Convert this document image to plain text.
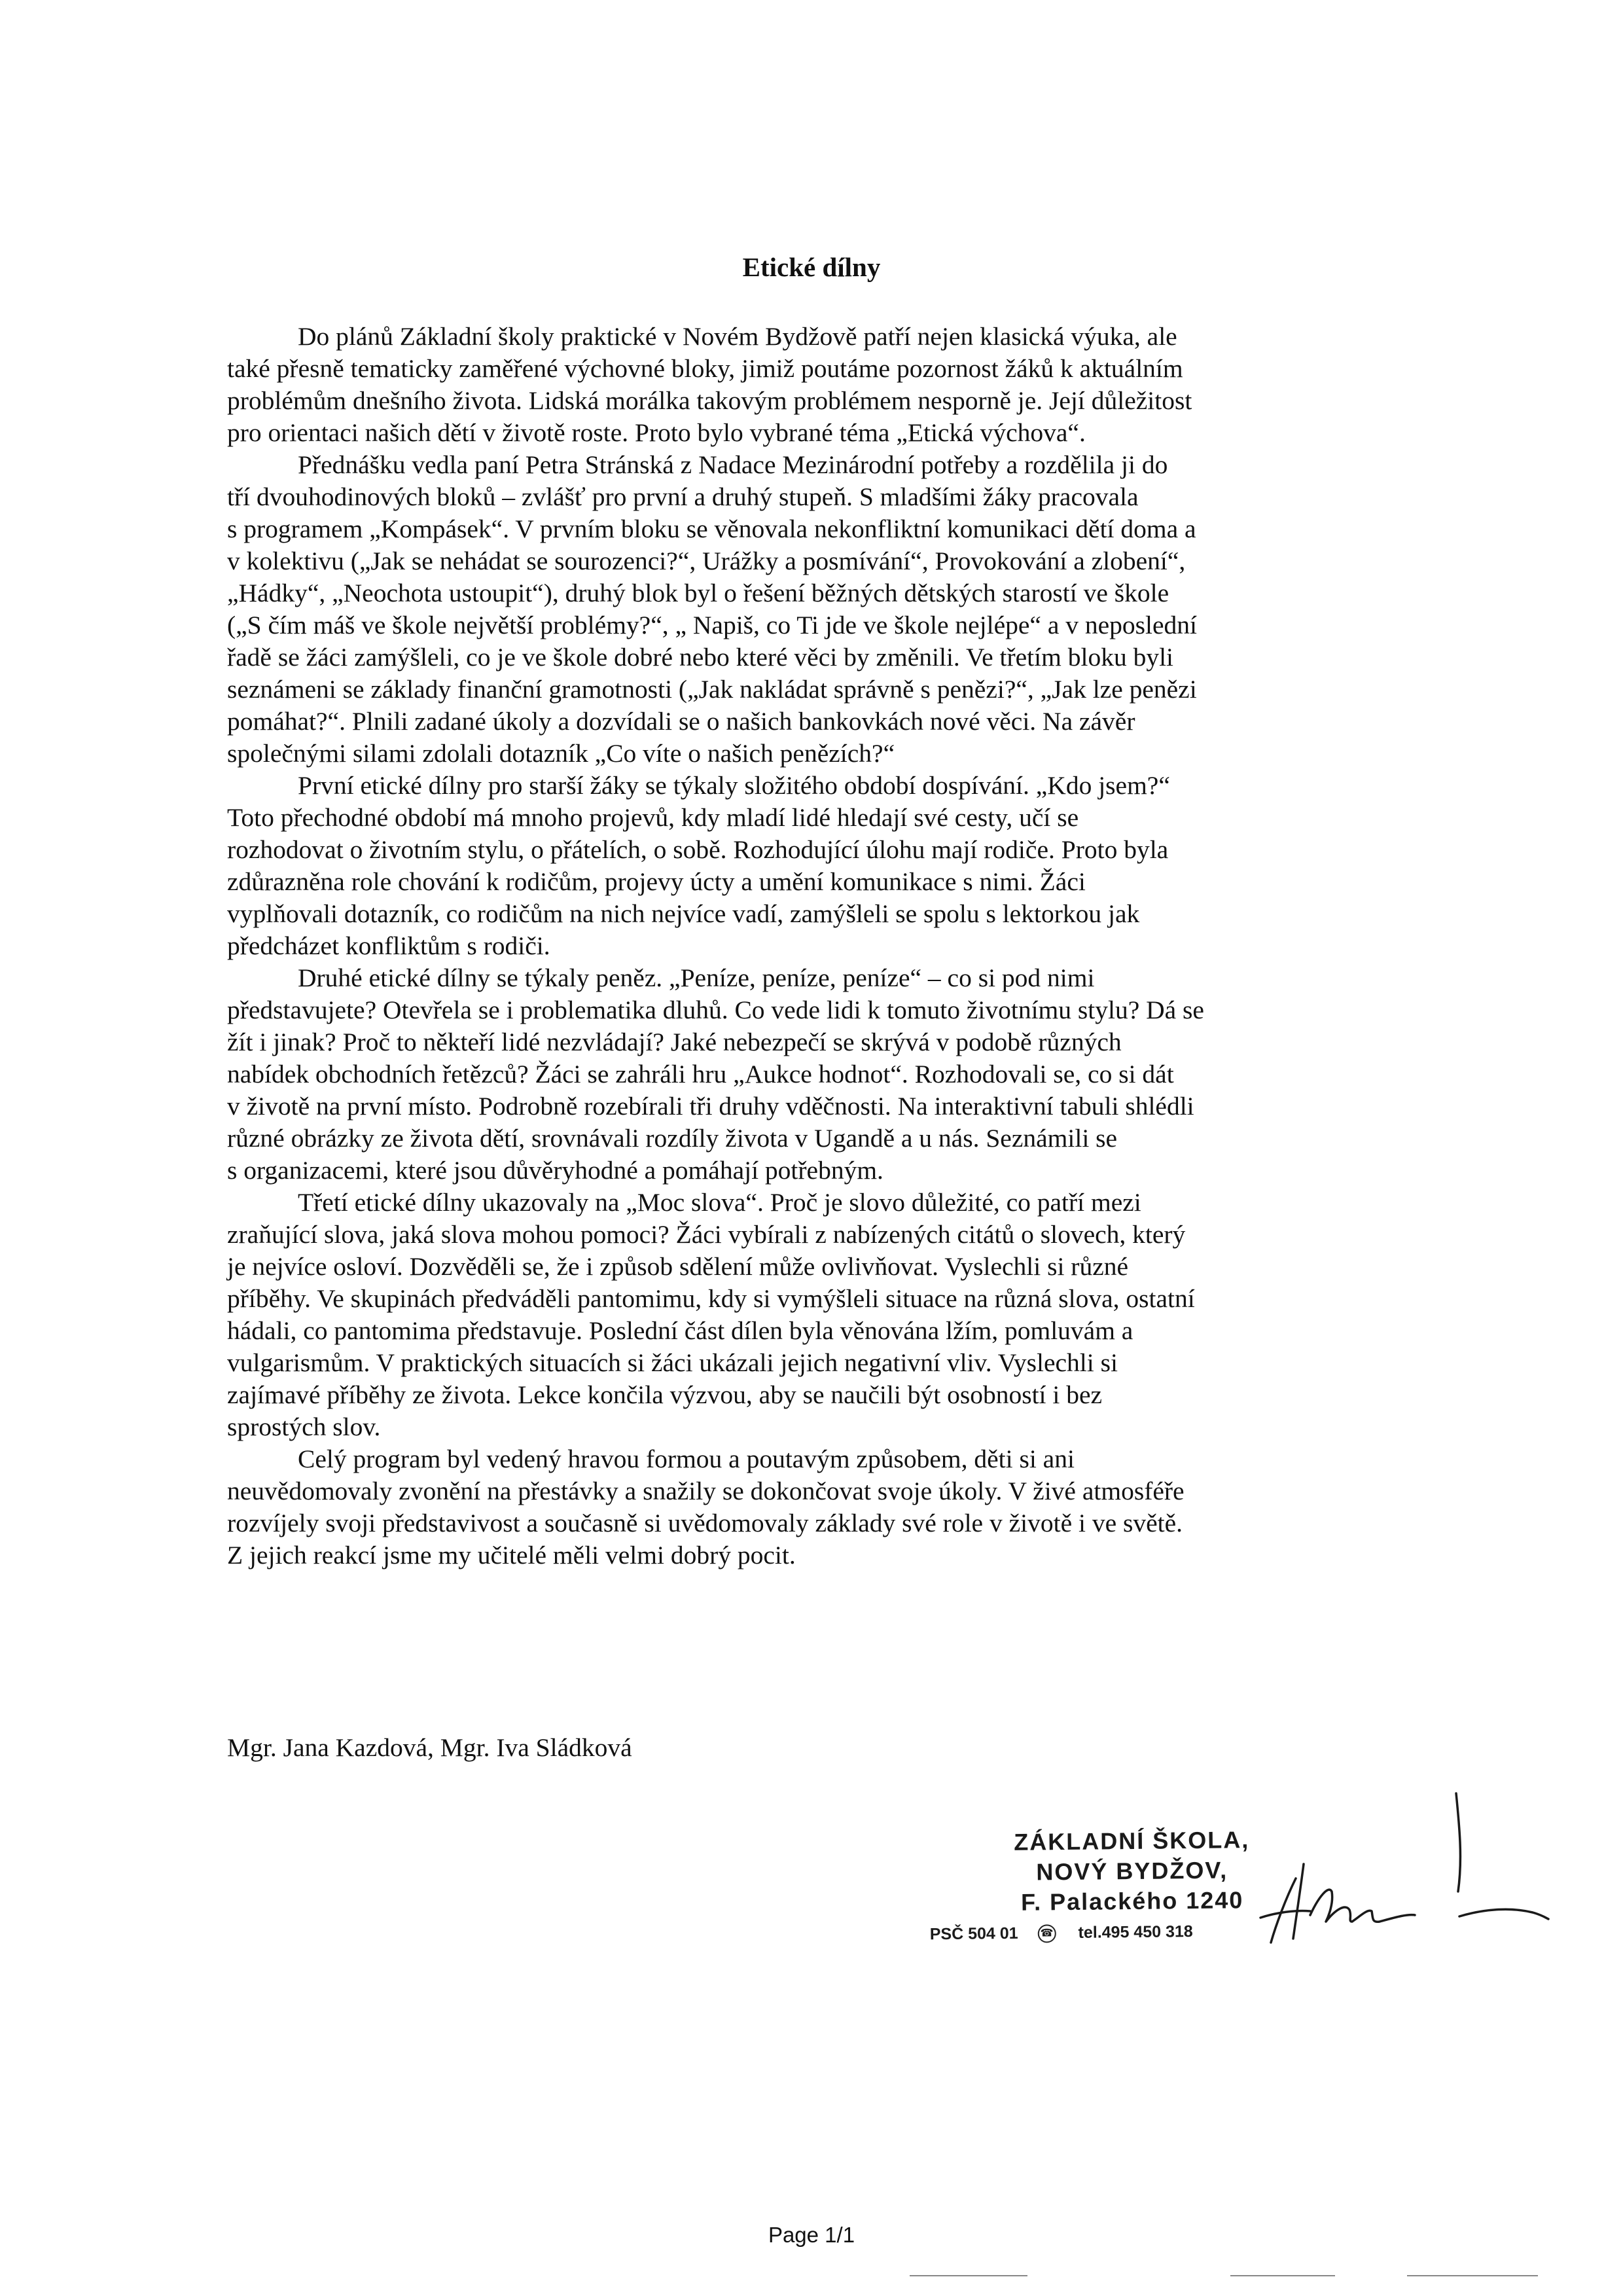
Etické dílny

Do plánů Základní školy praktické v Novém Bydžově patří nejen klasická výuka, ale
také přesně tematicky zaměřené výchovné bloky, jimiž poutáme pozornost žáků k aktuálním
problémům dnešního života. Lidská morálka takovým problémem nesporně je. Její důležitost
pro orientaci našich dětí v životě roste. Proto bylo vybrané téma „Etická výchova“.

Přednášku vedla paní Petra Stránská z Nadace Mezinárodní potřeby a rozdělila ji do
tří dvouhodinových bloků – zvlášť pro první a druhý stupeň. S mladšími žáky pracovala
s programem „Kompásek“. V prvním bloku se věnovala nekonfliktní komunikaci dětí doma a
v kolektivu („Jak se nehádat se sourozenci?“, Urážky a posmívání“, Provokování a zlobení“,
„Hádky“, „Neochota ustoupit“), druhý blok byl o řešení běžných dětských starostí ve škole
(„S čím máš ve škole největší problémy?“, „ Napiš, co Ti jde ve škole nejlépe“ a v neposlední
řadě se žáci zamýšleli, co je ve škole dobré nebo které věci by změnili. Ve třetím bloku byli
seznámeni se základy finanční gramotnosti („Jak nakládat správně s penězi?“, „Jak lze penězi
pomáhat?“. Plnili zadané úkoly a dozvídali se o našich bankovkách nové věci. Na závěr
společnými silami zdolali dotazník „Co víte o našich penězích?“

První etické dílny pro starší žáky se týkaly složitého období dospívání. „Kdo jsem?“
Toto přechodné období má mnoho projevů, kdy mladí lidé hledají své cesty, učí se
rozhodovat o životním stylu, o přátelích, o sobě. Rozhodující úlohu mají rodiče. Proto byla
zdůrazněna role chování k rodičům, projevy úcty a umění komunikace s nimi. Žáci
vyplňovali dotazník, co rodičům na nich nejvíce vadí, zamýšleli se spolu s lektorkou jak
předcházet konfliktům s rodiči.

Druhé etické dílny se týkaly peněz. „Peníze, peníze, peníze“ – co si pod nimi
představujete? Otevřela se i problematika dluhů. Co vede lidi k tomuto životnímu stylu? Dá se
žít i jinak? Proč to někteří lidé nezvládají? Jaké nebezpečí se skrývá v podobě různých
nabídek obchodních řetězců? Žáci se zahráli hru „Aukce hodnot“. Rozhodovali se, co si dát
v životě na první místo. Podrobně rozebírali tři druhy vděčnosti. Na interaktivní tabuli shlédli
různé obrázky ze života dětí, srovnávali rozdíly života v Ugandě a u nás. Seznámili se
s organizacemi, které jsou důvěryhodné a pomáhají potřebným.

Třetí etické dílny ukazovaly na „Moc slova“. Proč je slovo důležité, co patří mezi
zraňující slova, jaká slova mohou pomoci? Žáci vybírali z nabízených citátů o slovech, který
je nejvíce osloví. Dozvěděli se, že i způsob sdělení může ovlivňovat. Vyslechli si různé
příběhy. Ve skupinách předváděli pantomimu, kdy si vymýšleli situace na různá slova, ostatní
hádali, co pantomima představuje. Poslední část dílen byla věnována lžím, pomluvám a
vulgarismům. V praktických situacích si žáci ukázali jejich negativní vliv. Vyslechli si
zajímavé příběhy ze života. Lekce končila výzvou, aby se naučili být osobností i bez
sprostých slov.

Celý program byl vedený hravou formou a poutavým způsobem, děti si ani
neuvědomovaly zvonění na přestávky a snažily se dokončovat svoje úkoly. V živé atmosféře
rozvíjely svoji představivost a současně si uvědomovaly základy své role v životě i ve světě.
Z jejich reakcí jsme my učitelé měli velmi dobrý pocit.

Mgr. Jana Kazdová, Mgr. Iva Sládková
ZÁKLADNÍ ŠKOLA,
NOVÝ BYDŽOV,
F. Palackého 1240
PSČ 504 01 ☎ tel.495 450 318
Page 1/1
